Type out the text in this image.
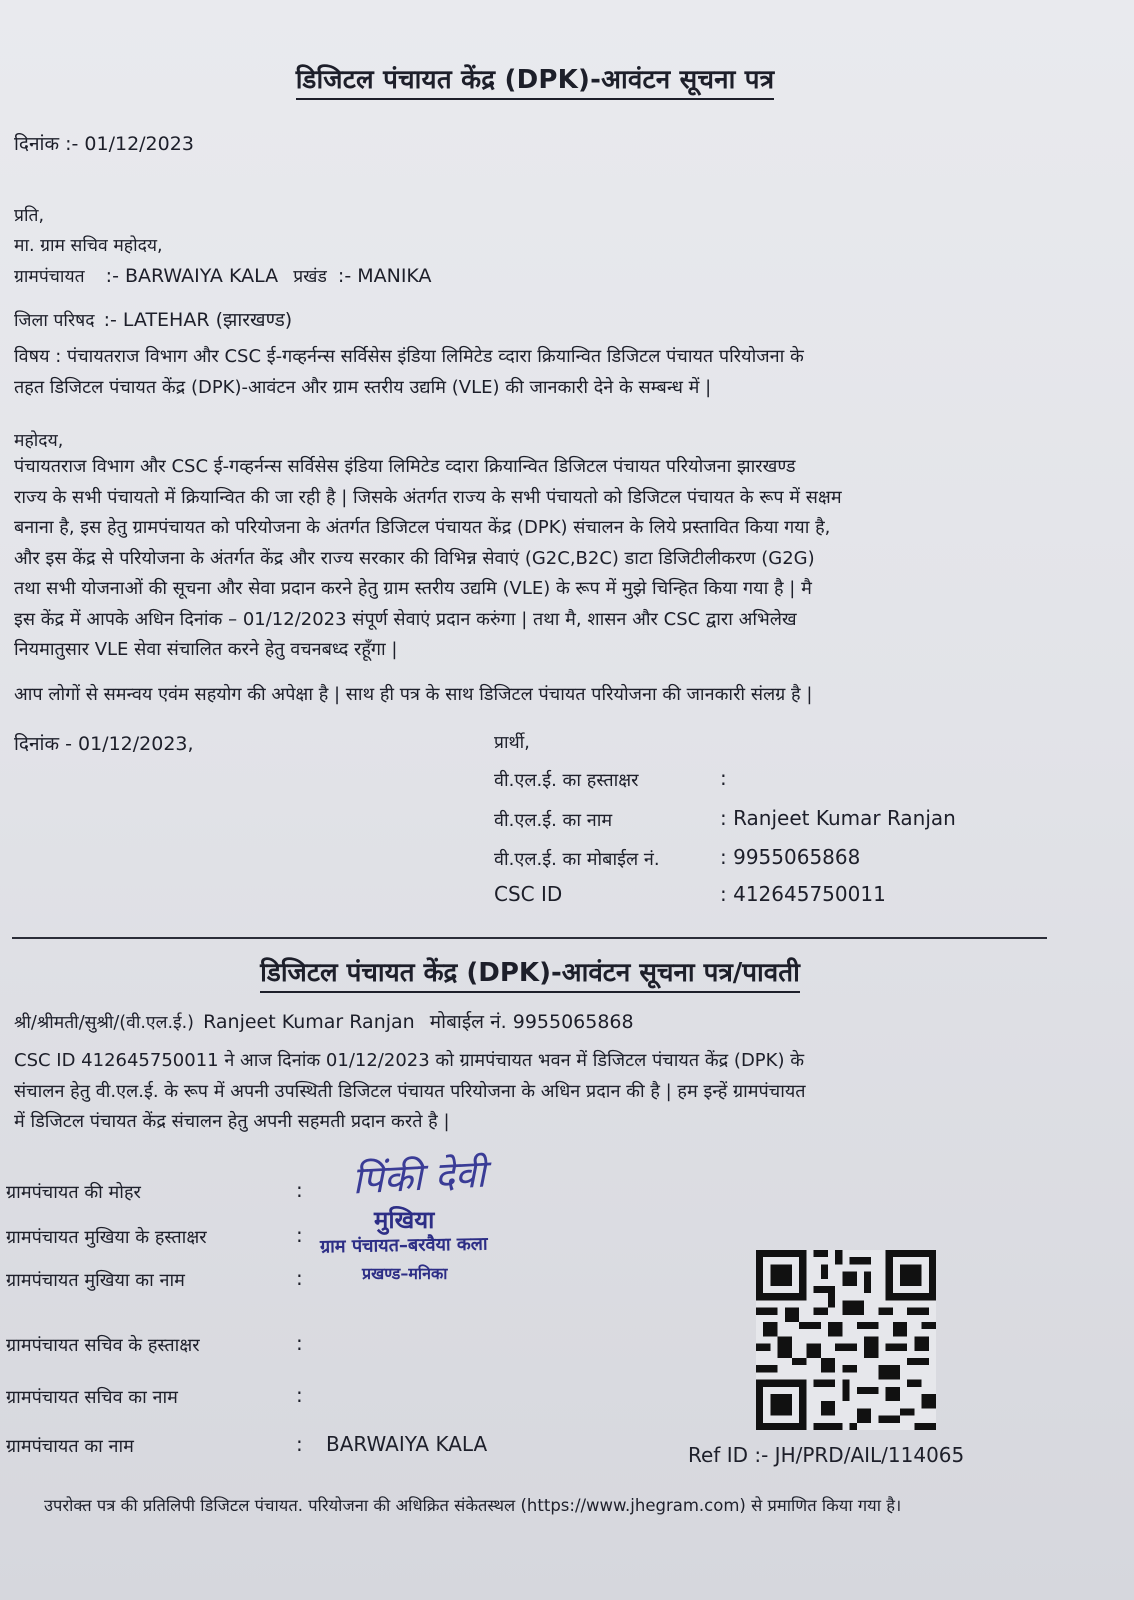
डिजिटल पंचायत केंद्र (DPK)-आवंटन सूचना पत्र
दिनांक :- 01/12/2023
प्रति,
मा. ग्राम सचिव महोदय,
ग्रामपंचायत :- BARWAIYA KALA प्रखंड :- MANIKA
जिला परिषद :- LATEHAR (झारखण्ड)
विषय : पंचायतराज विभाग और CSC ई-गव्हर्नन्स सर्विसेस इंडिया लिमिटेड व्दारा क्रियान्वित डिजिटल पंचायत परियोजना के
तहत डिजिटल पंचायत केंद्र (DPK)-आवंटन और ग्राम स्तरीय उद्यमि (VLE) की जानकारी देने के सम्बन्ध में |
महोदय,
पंचायतराज विभाग और CSC ई-गव्हर्नन्स सर्विसेस इंडिया लिमिटेड व्दारा क्रियान्वित डिजिटल पंचायत परियोजना झारखण्ड
राज्य के सभी पंचायतो में क्रियान्वित की जा रही है | जिसके अंतर्गत राज्य के सभी पंचायतो को डिजिटल पंचायत के रूप में सक्षम
बनाना है, इस हेतु ग्रामपंचायत को परियोजना के अंतर्गत डिजिटल पंचायत केंद्र (DPK) संचालन के लिये प्रस्तावित किया गया है,
और इस केंद्र से परियोजना के अंतर्गत केंद्र और राज्य सरकार की विभिन्न सेवाएं (G2C,B2C) डाटा डिजिटीलीकरण (G2G)
तथा सभी योजनाओं की सूचना और सेवा प्रदान करने हेतु ग्राम स्तरीय उद्यमि (VLE) के रूप में मुझे चिन्हित किया गया है | मै
इस केंद्र में आपके अधिन दिनांक – 01/12/2023 संपूर्ण सेवाएं प्रदान करुंगा | तथा मै, शासन और CSC द्वारा अभिलेख
नियमातुसार VLE सेवा संचालित करने हेतु वचनबध्द रहूँगा |
आप लोगों से समन्वय एवंम सहयोग की अपेक्षा है | साथ ही पत्र के साथ डिजिटल पंचायत परियोजना की जानकारी संलग्र है |
दिनांक - 01/12/2023,	प्रार्थी,
वी.एल.ई. का हस्ताक्षर	:
वी.एल.ई. का नाम	: Ranjeet Kumar Ranjan
वी.एल.ई. का मोबाईल नं.	: 9955065868
CSC ID	: 412645750011
डिजिटल पंचायत केंद्र (DPK)-आवंटन सूचना पत्र/पावती
श्री/श्रीमती/सुश्री/(वी.एल.ई.) Ranjeet Kumar Ranjan मोबाईल नं. 9955065868
CSC ID 412645750011 ने आज दिनांक 01/12/2023 को ग्रामपंचायत भवन में डिजिटल पंचायत केंद्र (DPK) के
संचालन हेतु वी.एल.ई. के रूप में अपनी उपस्थिती डिजिटल पंचायत परियोजना के अधिन प्रदान की है | हम इन्हें ग्रामपंचायत
में डिजिटल पंचायत केंद्र संचालन हेतु अपनी सहमती प्रदान करते है |
ग्रामपंचायत की मोहर	:
ग्रामपंचायत मुखिया के हस्ताक्षर	:
ग्रामपंचायत मुखिया का नाम	:
ग्रामपंचायत सचिव के हस्ताक्षर	:
ग्रामपंचायत सचिव का नाम	:
ग्रामपंचायत का नाम	: BARWAIYA KALA
पिंकी देवी
मुखिया
ग्राम पंचायत–बरवैया कला
प्रखण्ड–मनिका
Ref ID :- JH/PRD/AIL/114065
उपरोक्त पत्र की प्रतिलिपी डिजिटल पंचायत. परियोजना की अधिक्रित संकेतस्थल (https://www.jhegram.com) से प्रमाणित किया गया है।
